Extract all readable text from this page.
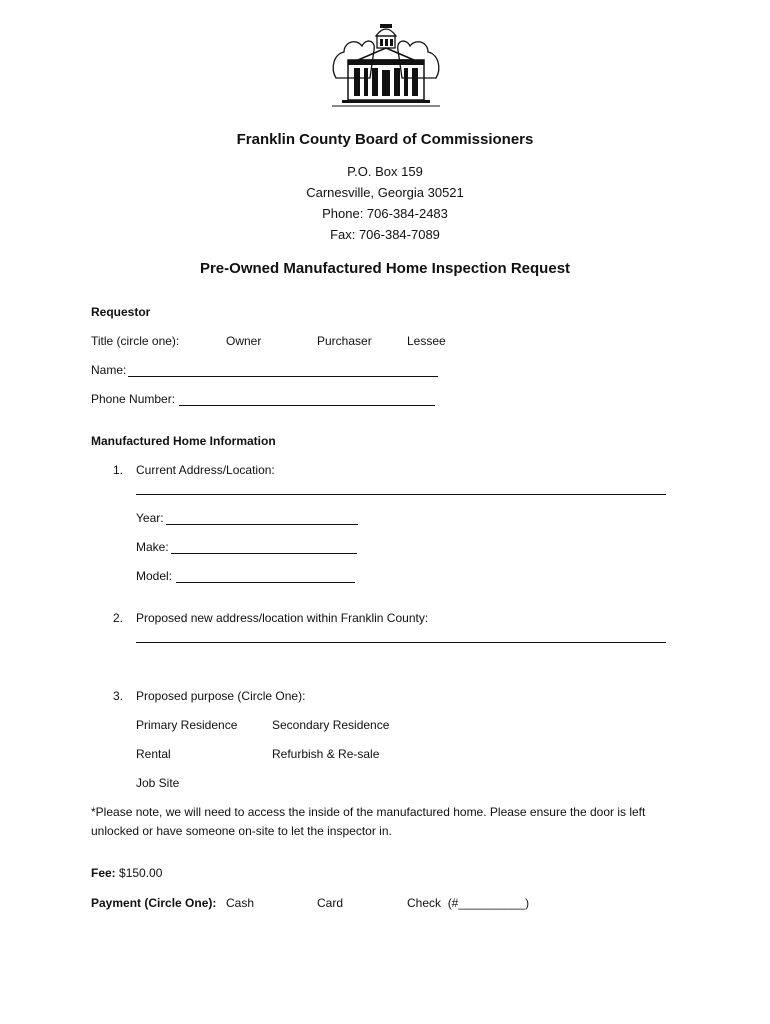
Franklin County Board of Commissioners
P.O. Box 159
Carnesville, Georgia 30521
Phone: 706-384-2483
Fax: 706-384-7089
Pre-Owned Manufactured Home Inspection Request
Requestor
Title (circle one):	Owner	Purchaser	Lessee
Name:
Phone Number:
Manufactured Home Information
1. Current Address/Location:
Year:
Make:
Model:
2. Proposed new address/location within Franklin County:
3. Proposed purpose (Circle One):
Primary Residence	Secondary Residence
Rental	Refurbish & Re-sale
Job Site
*Please note, we will need to access the inside of the manufactured home. Please ensure the door is left
unlocked or have someone on-site to let the inspector in.
Fee: $150.00
Payment (Circle One): Cash	Card	Check (#__________)
